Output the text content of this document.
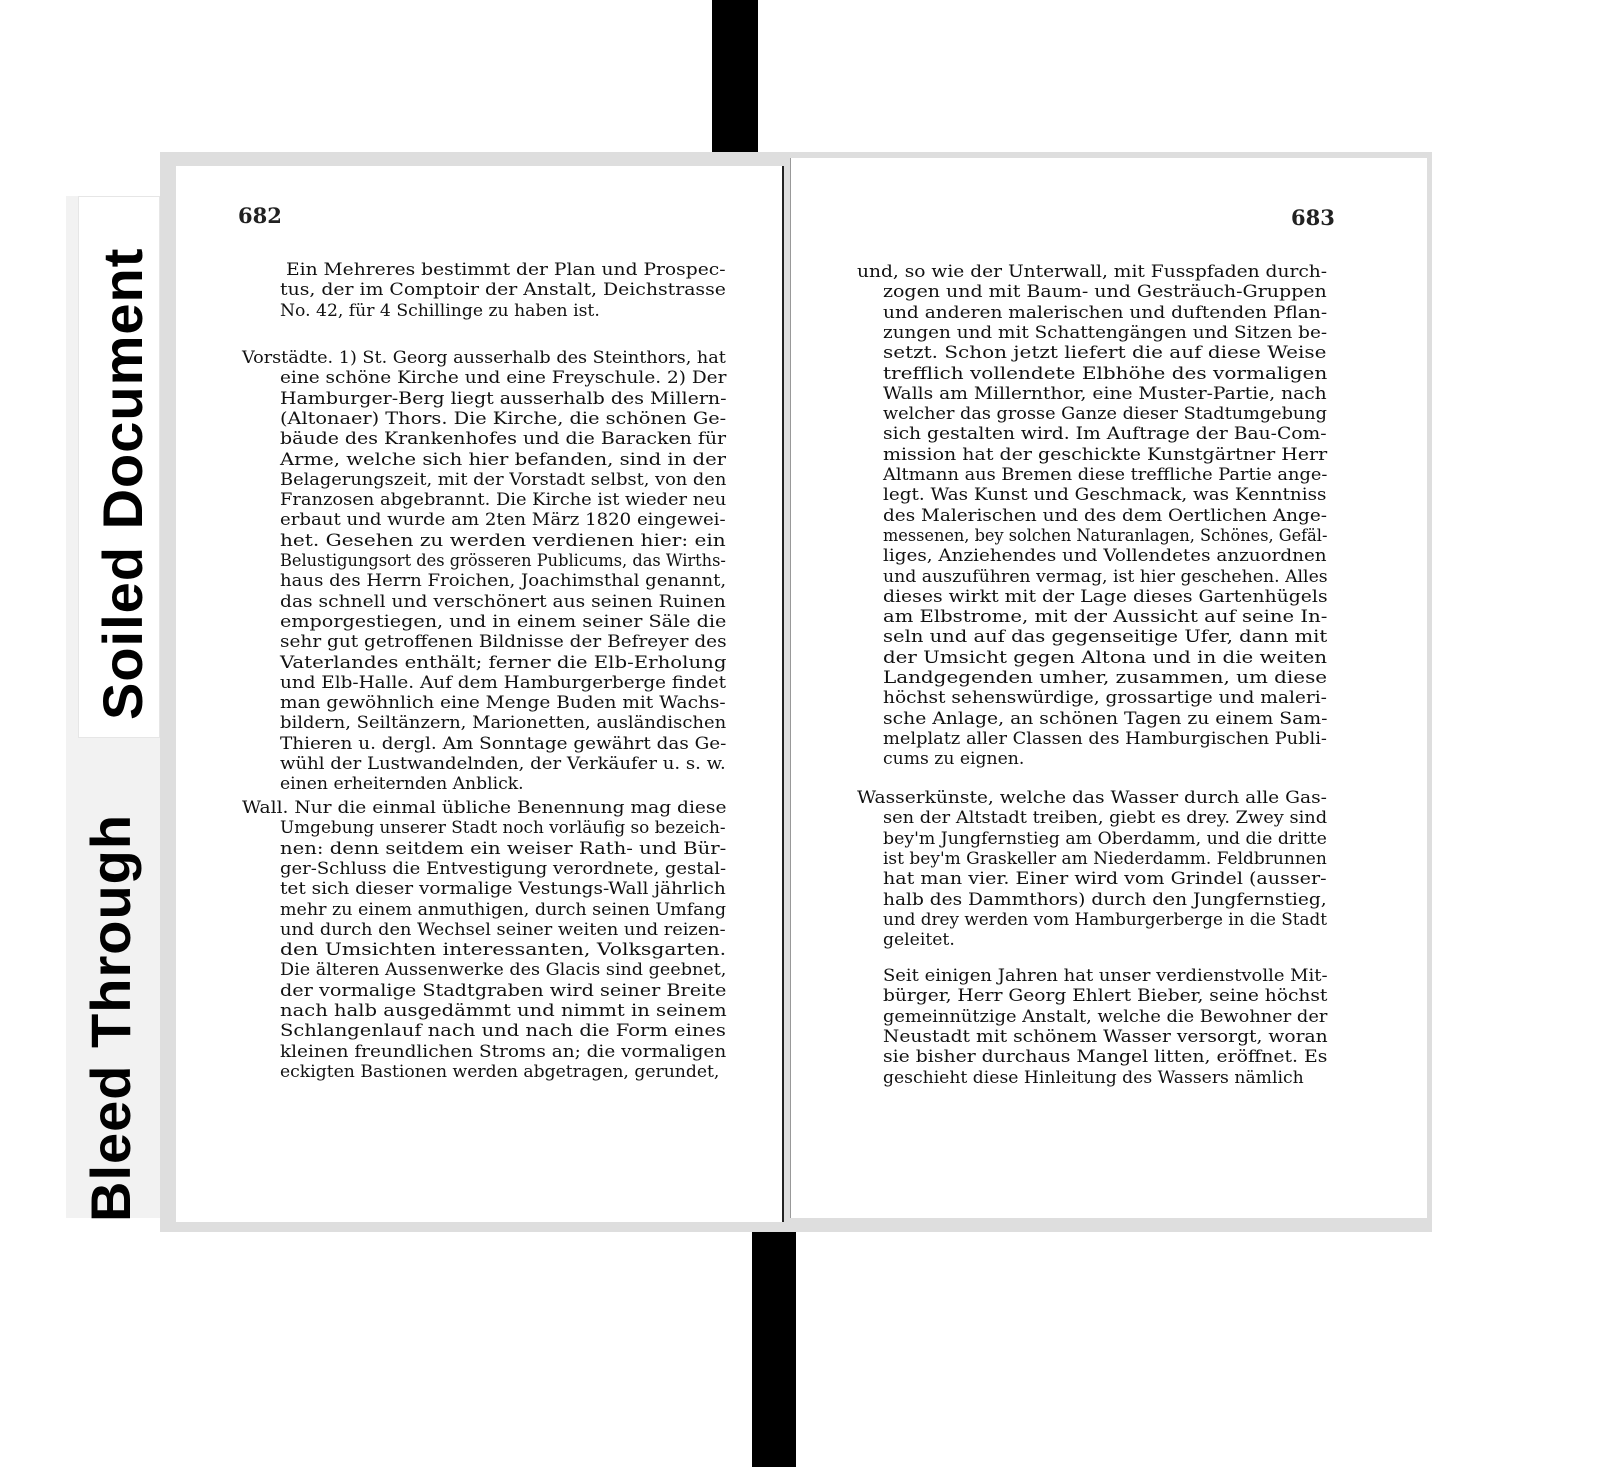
Bleed Through
Soiled Document
682
Ein Mehreres bestimmt der Plan und Prospec-
tus, der im Comptoir der Anstalt, Deichstrasse
No. 42, für 4 Schillinge zu haben ist.
Vorstädte. 1) St. Georg ausserhalb des Steinthors, hat
eine schöne Kirche und eine Freyschule. 2) Der
Hamburger-Berg liegt ausserhalb des Millern-
(Altonaer) Thors. Die Kirche, die schönen Ge-
bäude des Krankenhofes und die Baracken für
Arme, welche sich hier befanden, sind in der
Belagerungszeit, mit der Vorstadt selbst, von den
Franzosen abgebrannt. Die Kirche ist wieder neu
erbaut und wurde am 2ten März 1820 eingewei-
het. Gesehen zu werden verdienen hier: ein
Belustigungsort des grösseren Publicums, das Wirths-
haus des Herrn Froichen, Joachimsthal genannt,
das schnell und verschönert aus seinen Ruinen
emporgestiegen, und in einem seiner Säle die
sehr gut getroffenen Bildnisse der Befreyer des
Vaterlandes enthält; ferner die Elb-Erholung
und Elb-Halle. Auf dem Hamburgerberge findet
man gewöhnlich eine Menge Buden mit Wachs-
bildern, Seiltänzern, Marionetten, ausländischen
Thieren u. dergl. Am Sonntage gewährt das Ge-
wühl der Lustwandelnden, der Verkäufer u. s. w.
einen erheiternden Anblick.
Wall. Nur die einmal übliche Benennung mag diese
Umgebung unserer Stadt noch vorläufig so bezeich-
nen: denn seitdem ein weiser Rath- und Bür-
ger-Schluss die Entvestigung verordnete, gestal-
tet sich dieser vormalige Vestungs-Wall jährlich
mehr zu einem anmuthigen, durch seinen Umfang
und durch den Wechsel seiner weiten und reizen-
den Umsichten interessanten, Volksgarten.
Die älteren Aussenwerke des Glacis sind geebnet,
der vormalige Stadtgraben wird seiner Breite
nach halb ausgedämmt und nimmt in seinem
Schlangenlauf nach und nach die Form eines
kleinen freundlichen Stroms an; die vormaligen
eckigten Bastionen werden abgetragen, gerundet,
683
und, so wie der Unterwall, mit Fusspfaden durch-
zogen und mit Baum- und Gesträuch-Gruppen
und anderen malerischen und duftenden Pflan-
zungen und mit Schattengängen und Sitzen be-
setzt. Schon jetzt liefert die auf diese Weise
trefflich vollendete Elbhöhe des vormaligen
Walls am Millernthor, eine Muster-Partie, nach
welcher das grosse Ganze dieser Stadtumgebung
sich gestalten wird. Im Auftrage der Bau-Com-
mission hat der geschickte Kunstgärtner Herr
Altmann aus Bremen diese treffliche Partie ange-
legt. Was Kunst und Geschmack, was Kenntniss
des Malerischen und des dem Oertlichen Ange-
messenen, bey solchen Naturanlagen, Schönes, Gefäl-
liges, Anziehendes und Vollendetes anzuordnen
und auszuführen vermag, ist hier geschehen. Alles
dieses wirkt mit der Lage dieses Gartenhügels
am Elbstrome, mit der Aussicht auf seine In-
seln und auf das gegenseitige Ufer, dann mit
der Umsicht gegen Altona und in die weiten
Landgegenden umher, zusammen, um diese
höchst sehenswürdige, grossartige und maleri-
sche Anlage, an schönen Tagen zu einem Sam-
melplatz aller Classen des Hamburgischen Publi-
cums zu eignen.
Wasserkünste, welche das Wasser durch alle Gas-
sen der Altstadt treiben, giebt es drey. Zwey sind
bey'm Jungfernstieg am Oberdamm, und die dritte
ist bey'm Graskeller am Niederdamm. Feldbrunnen
hat man vier. Einer wird vom Grindel (ausser-
halb des Dammthors) durch den Jungfernstieg,
und drey werden vom Hamburgerberge in die Stadt
geleitet.
Seit einigen Jahren hat unser verdienstvolle Mit-
bürger, Herr Georg Ehlert Bieber, seine höchst
gemeinnützige Anstalt, welche die Bewohner der
Neustadt mit schönem Wasser versorgt, woran
sie bisher durchaus Mangel litten, eröffnet. Es
geschieht diese Hinleitung des Wassers nämlich
